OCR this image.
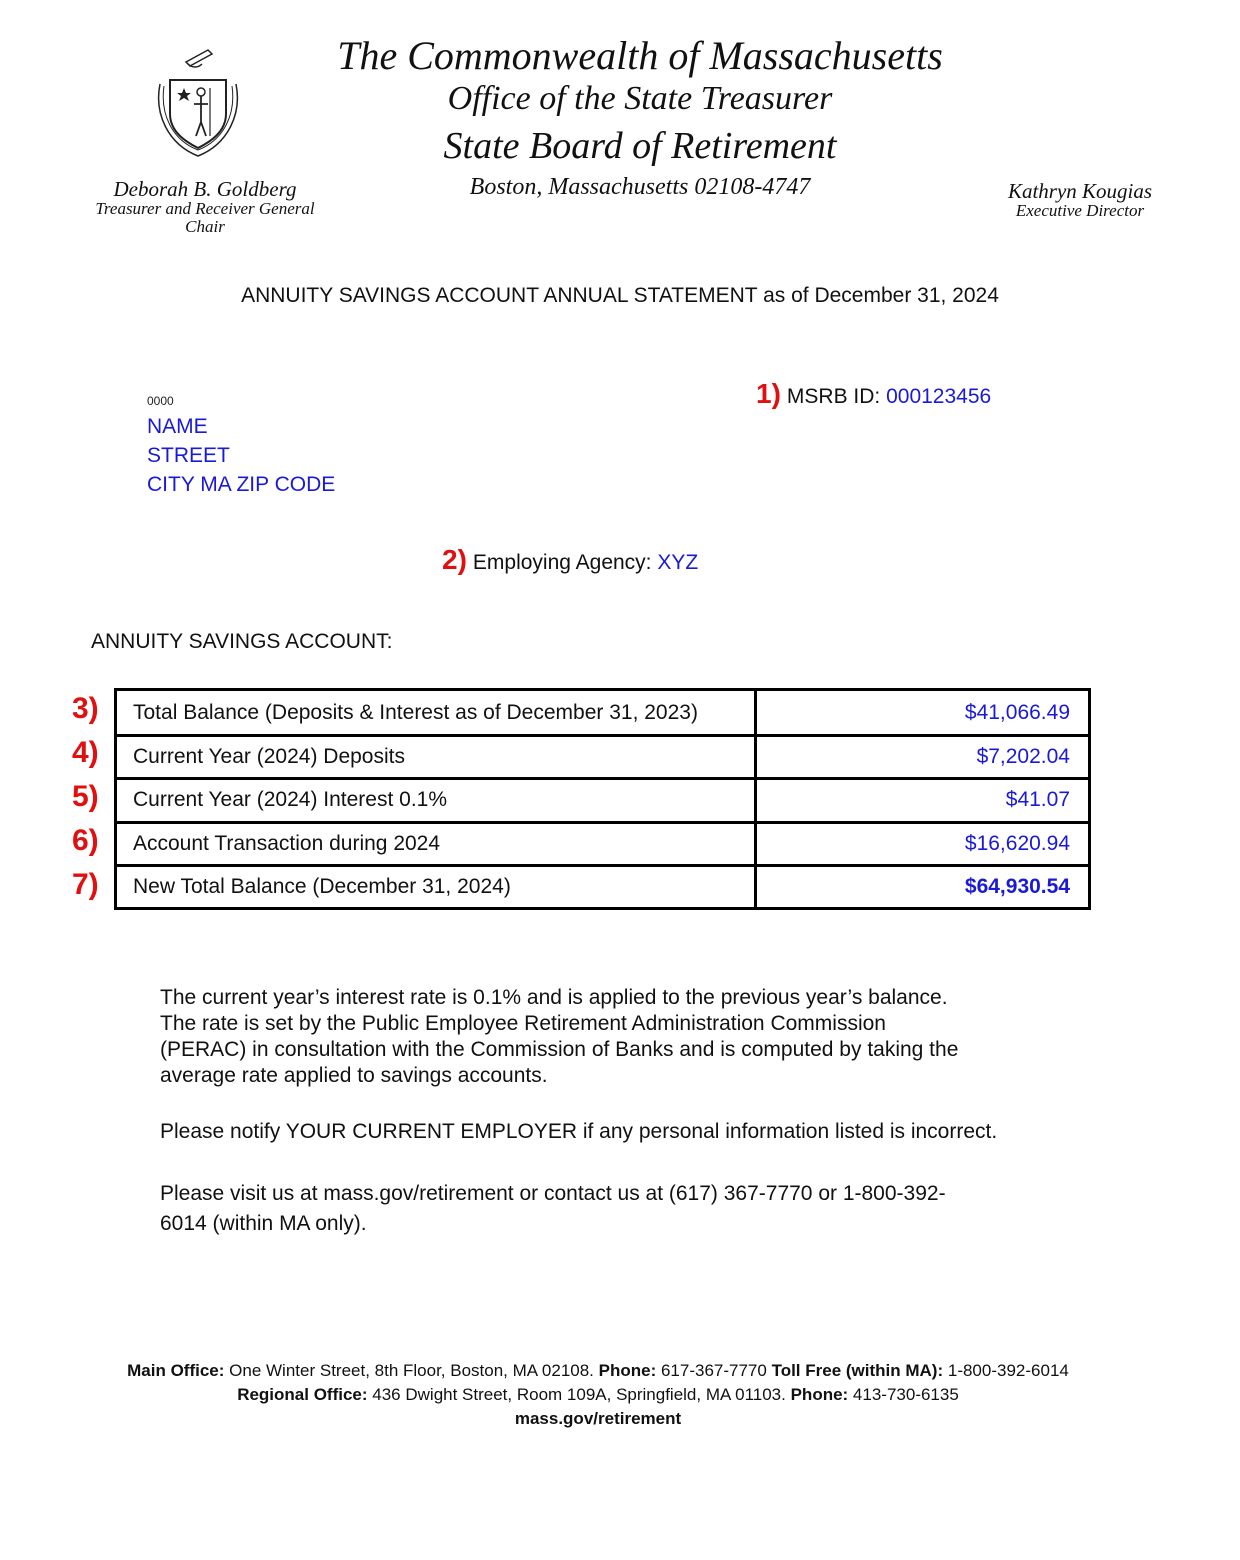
The Commonwealth of Massachusetts
Office of the State Treasurer
State Board of Retirement
Boston, Massachusetts 02108-4747
Deborah B. Goldberg
Treasurer and Receiver General
Chair
Kathryn Kougias
Executive Director
ANNUITY SAVINGS ACCOUNT ANNUAL STATEMENT as of December 31, 2024
1) MSRB ID: 000123456
0000
NAME
STREET
CITY MA ZIP CODE
2) Employing Agency: XYZ
ANNUITY SAVINGS ACCOUNT:
3)
4)
5)
6)
7)
Total Balance (Deposits & Interest as of December 31, 2023)	$41,066.49
Current Year (2024) Deposits	$7,202.04
Current Year (2024) Interest 0.1%	$41.07
Account Transaction during 2024	$16,620.94
New Total Balance (December 31, 2024)	$64,930.54
The current year’s interest rate is 0.1% and is applied to the previous year’s balance.
The rate is set by the Public Employee Retirement Administration Commission
(PERAC) in consultation with the Commission of Banks and is computed by taking the
average rate applied to savings accounts.
Please notify YOUR CURRENT EMPLOYER if any personal information listed is incorrect.
Please visit us at mass.gov/retirement or contact us at (617) 367-7770 or 1-800-392-
6014 (within MA only).
Main Office: One Winter Street, 8th Floor, Boston, MA 02108. Phone: 617-367-7770 Toll Free (within MA): 1-800-392-6014
Regional Office: 436 Dwight Street, Room 109A, Springfield, MA 01103. Phone: 413-730-6135
mass.gov/retirement
